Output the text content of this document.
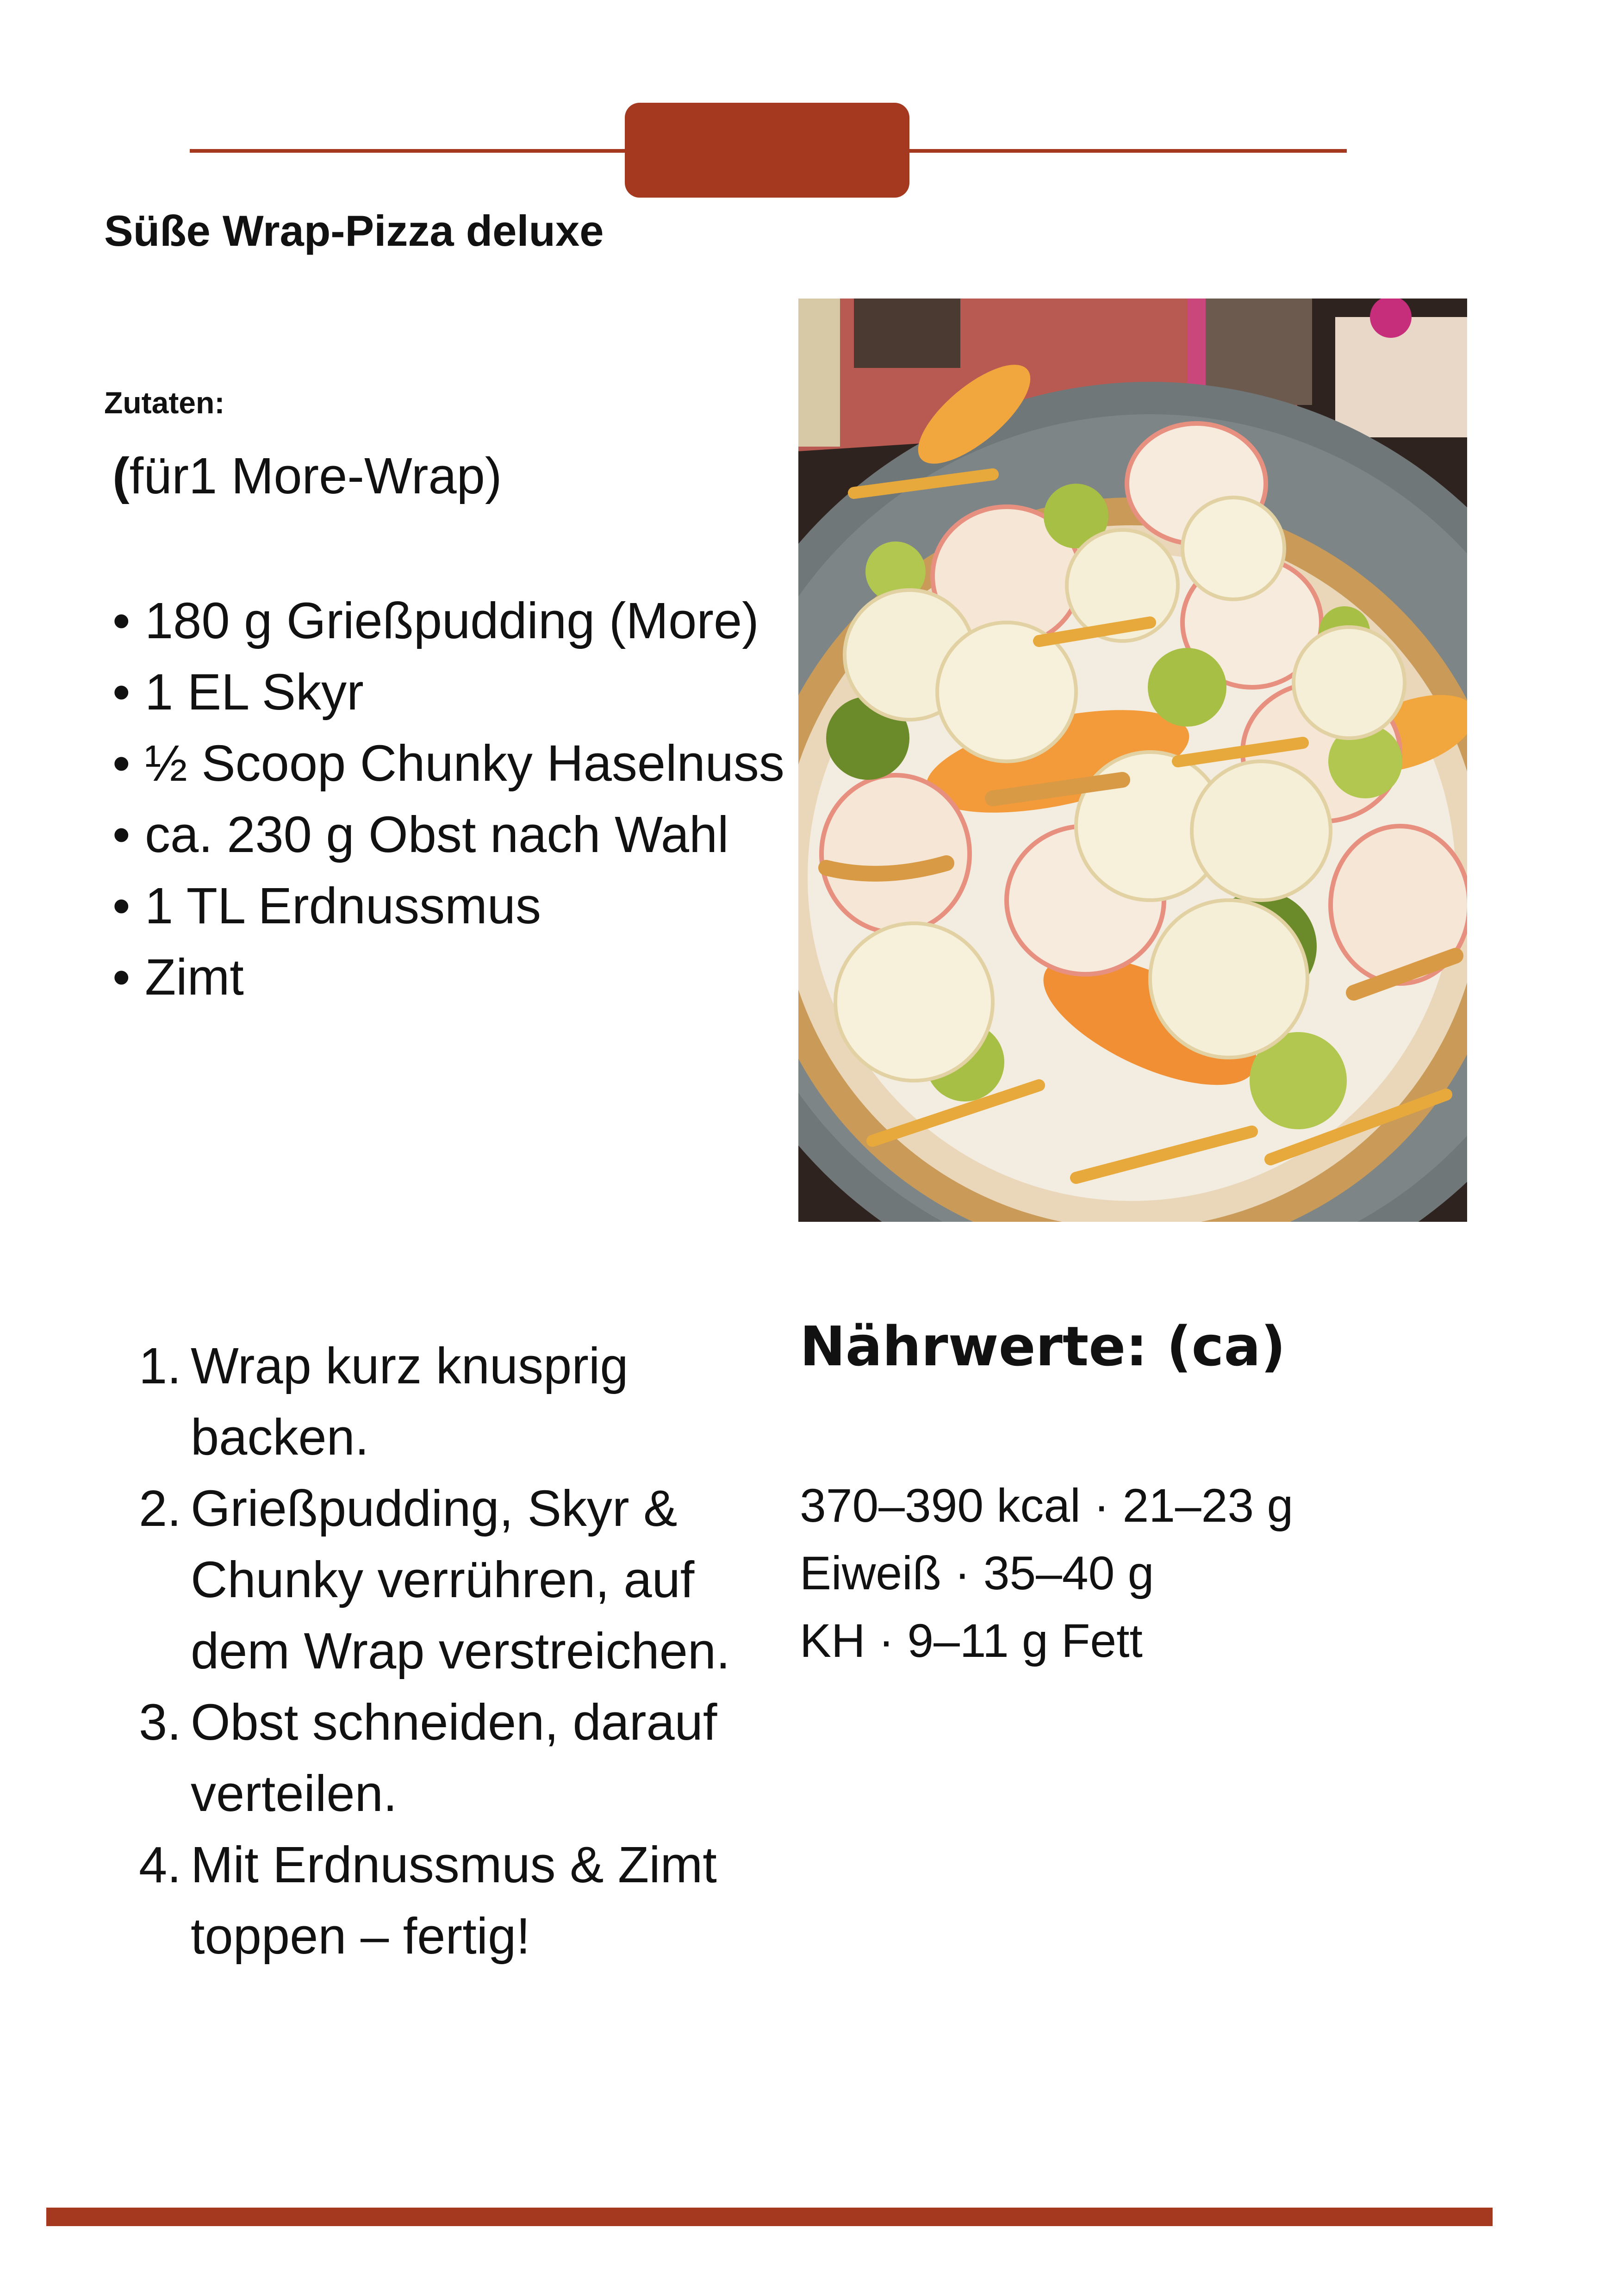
Süße Wrap-Pizza deluxe
Zutaten:
(für1 More-Wrap)
• 180 g Grießpudding (More)
• 1 EL Skyr
• ½ Scoop Chunky Haselnuss
• ca. 230 g Obst nach Wahl
• 1 TL Erdnussmus
• Zimt
1. Wrap kurz knusprig backen.
2. Grießpudding, Skyr & Chunky verrühren, auf dem Wrap verstreichen.
3. Obst schneiden, darauf verteilen.
4. Mit Erdnussmus & Zimt toppen – fertig!
Nährwerte: (ca)
370–390 kcal · 21–23 g
Eiweiß · 35–40 g
KH · 9–11 g Fett
